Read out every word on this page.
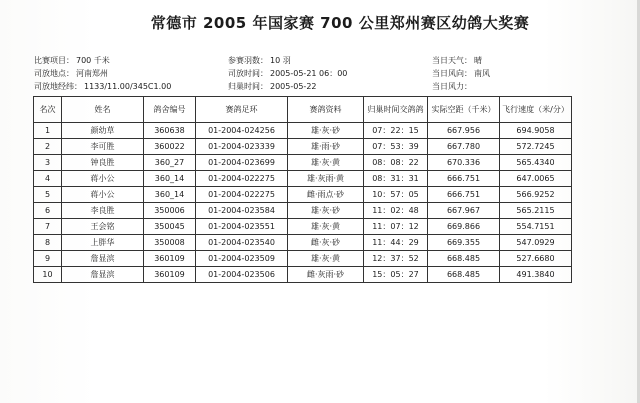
常德市 2005 年国家赛 700 公里郑州赛区幼鸽大奖赛
比赛项目： 700 千米
司放地点： 河南郑州
司放地经纬： 1133/11.00/345C1.00
参赛羽数： 10 羽
司放时间： 2005-05-21 06：00
归巢时间： 2005-05-22
当日天气： 晴
当日风向： 南风
当日风力：
名次	姓名	鸽舍编号	赛鸽足环	赛鸽资料	归巢时间交鸽鸽	实际空距（千米）	飞行速度（米/分）
1	颜幼草	360638	01-2004-024256	雄·灰·砂	07：22：15	667.956	694.9058
2	李可胜	360022	01-2004-023339	雄·雨·砂	07：53：39	667.780	572.7245
3	钟良胜	360_27	01-2004-023699	雄·灰·黄	08：08：22	670.336	565.4340
4	蒋小公	360_14	01-2004-022275	雄·灰雨·黄	08：31：31	666.751	647.0065
5	蒋小公	360_14	01-2004-022275	雌·雨点·砂	10：57：05	666.751	566.9252
6	李良胜	350006	01-2004-023584	雄·灰·砂	11：02：48	667.967	565.2115
7	王会铭	350045	01-2004-023551	雄·灰·黄	11：07：12	669.866	554.7151
8	上胖华	350008	01-2004-023540	雌·灰·砂	11：44：29	669.355	547.0929
9	詹显滨	360109	01-2004-023509	雄·灰·黄	12：37：52	668.485	527.6680
10	詹显滨	360109	01-2004-023506	雌·灰雨·砂	15：05：27	668.485	491.3840
